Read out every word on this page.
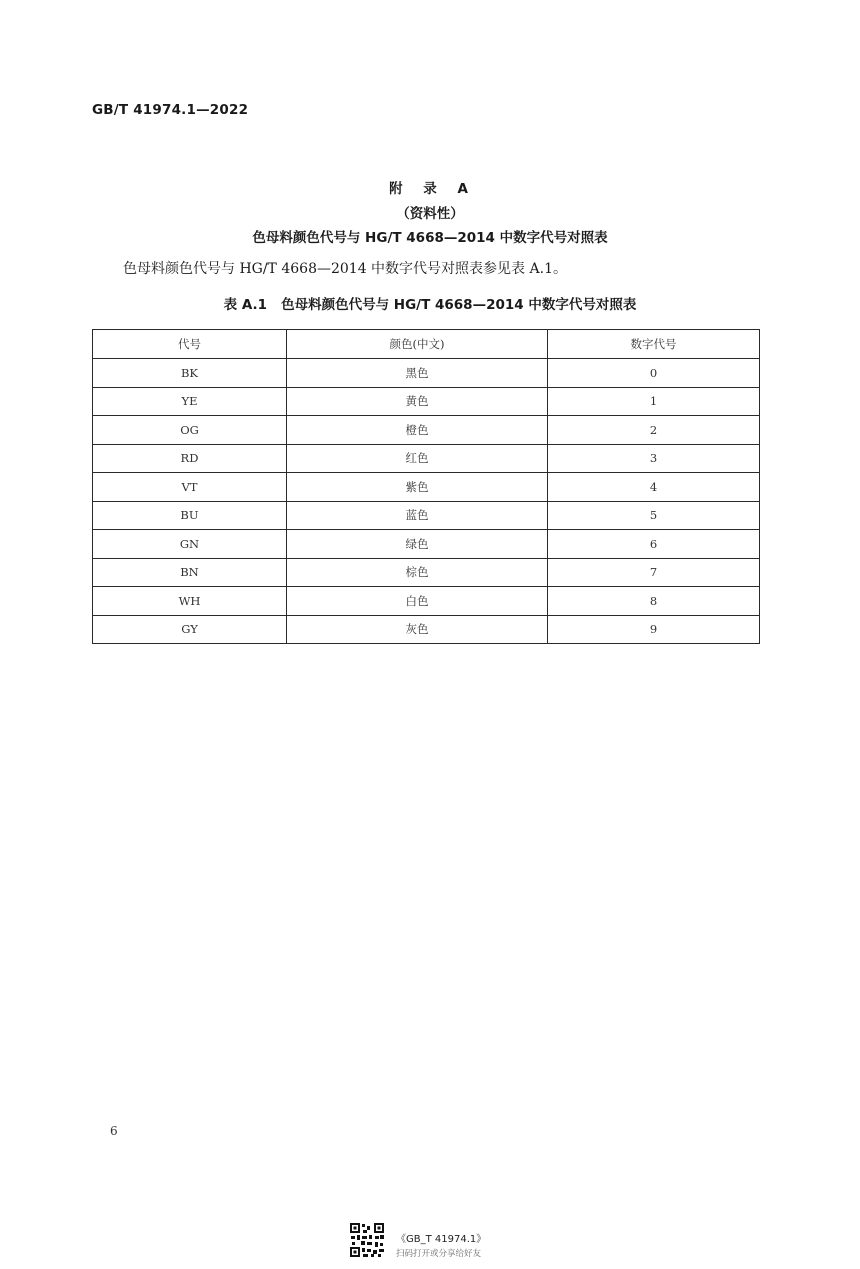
GB/T 41974.1—2022
附 录 A
（资料性）
色母料颜色代号与 HG/T 4668—2014 中数字代号对照表
色母料颜色代号与 HG/T 4668—2014 中数字代号对照表参见表 A.1。
表 A.1 色母料颜色代号与 HG/T 4668—2014 中数字代号对照表
代号	颜色(中文)	数字代号
BK	黑色	0
YE	黄色	1
OG	橙色	2
RD	红色	3
VT	紫色	4
BU	蓝色	5
GN	绿色	6
BN	棕色	7
WH	白色	8
GY	灰色	9
6
《GB_T 41974.1》
扫码打开或分享给好友
